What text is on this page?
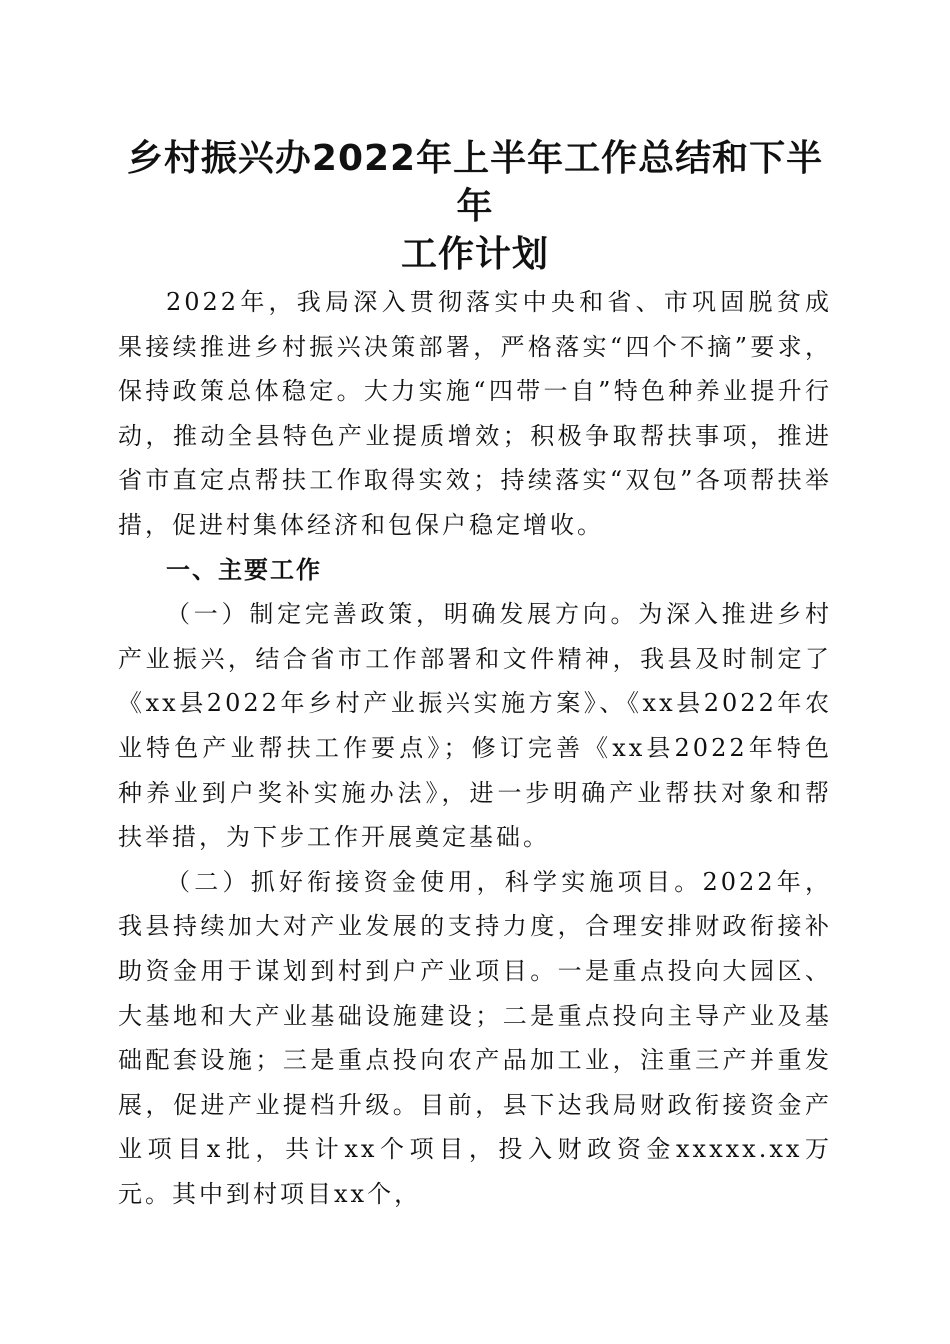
乡村振兴办2022年上半年工作总结和下半年
工作计划

2022年，我局深入贯彻落实中央和省、市巩固脱贫成果接续推进乡村振兴决策部署，严格落实“四个不摘”要求，保持政策总体稳定。大力实施“四带一自”特色种养业提升行动，推动全县特色产业提质增效；积极争取帮扶事项，推进省市直定点帮扶工作取得实效；持续落实“双包”各项帮扶举措，促进村集体经济和包保户稳定增收。

一、主要工作

（一）制定完善政策，明确发展方向。为深入推进乡村产业振兴，结合省市工作部署和文件精神，我县及时制定了《xx县2022年乡村产业振兴实施方案》、《xx县2022年农业特色产业帮扶工作要点》；修订完善《xx县2022年特色种养业到户奖补实施办法》，进一步明确产业帮扶对象和帮扶举措，为下步工作开展奠定基础。

（二）抓好衔接资金使用，科学实施项目。2022年，我县持续加大对产业发展的支持力度，合理安排财政衔接补助资金用于谋划到村到户产业项目。一是重点投向大园区、大基地和大产业基础设施建设；二是重点投向主导产业及基础配套设施；三是重点投向农产品加工业，注重三产并重发展，促进产业提档升级。目前，县下达我局财政衔接资金产业项目x批，共计xx个项目，投入财政资金xxxxx.xx万元。其中到村项目xx个，
